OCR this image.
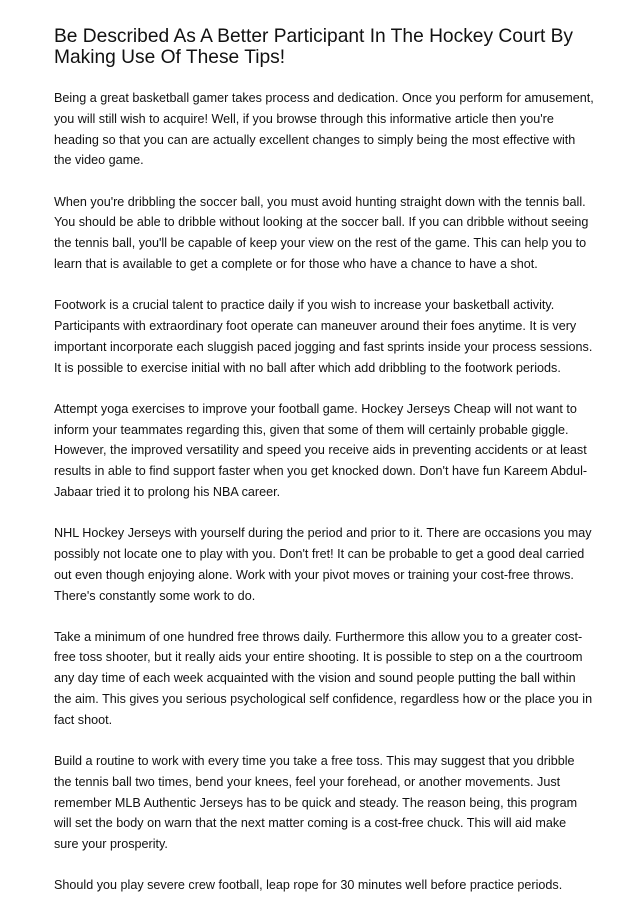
Be Described As A Better Participant In The Hockey Court By Making Use Of These Tips!

Being a great basketball gamer takes process and dedication. Once you perform for amusement, you will still wish to acquire! Well, if you browse through this informative article then you're heading so that you can are actually excellent changes to simply being the most effective with the video game.

When you're dribbling the soccer ball, you must avoid hunting straight down with the tennis ball. You should be able to dribble without looking at the soccer ball. If you can dribble without seeing the tennis ball, you'll be capable of keep your view on the rest of the game. This can help you to learn that is available to get a complete or for those who have a chance to have a shot.

Footwork is a crucial talent to practice daily if you wish to increase your basketball activity. Participants with extraordinary foot operate can maneuver around their foes anytime. It is very important incorporate each sluggish paced jogging and fast sprints inside your process sessions. It is possible to exercise initial with no ball after which add dribbling to the footwork periods.

Attempt yoga exercises to improve your football game. Hockey Jerseys Cheap will not want to inform your teammates regarding this, given that some of them will certainly probable giggle. However, the improved versatility and speed you receive aids in preventing accidents or at least results in able to find support faster when you get knocked down. Don't have fun Kareem Abdul-Jabaar tried it to prolong his NBA career.

NHL Hockey Jerseys with yourself during the period and prior to it. There are occasions you may possibly not locate one to play with you. Don't fret! It can be probable to get a good deal carried out even though enjoying alone. Work with your pivot moves or training your cost-free throws. There's constantly some work to do.

Take a minimum of one hundred free throws daily. Furthermore this allow you to a greater cost-free toss shooter, but it really aids your entire shooting. It is possible to step on a the courtroom any day time of each week acquainted with the vision and sound people putting the ball within the aim. This gives you serious psychological self confidence, regardless how or the place you in fact shoot.

Build a routine to work with every time you take a free toss. This may suggest that you dribble the tennis ball two times, bend your knees, feel your forehead, or another movements. Just remember MLB Authentic Jerseys has to be quick and steady. The reason being, this program will set the body on warn that the next matter coming is a cost-free chuck. This will aid make sure your prosperity.

Should you play severe crew football, leap rope for 30 minutes well before practice periods.
